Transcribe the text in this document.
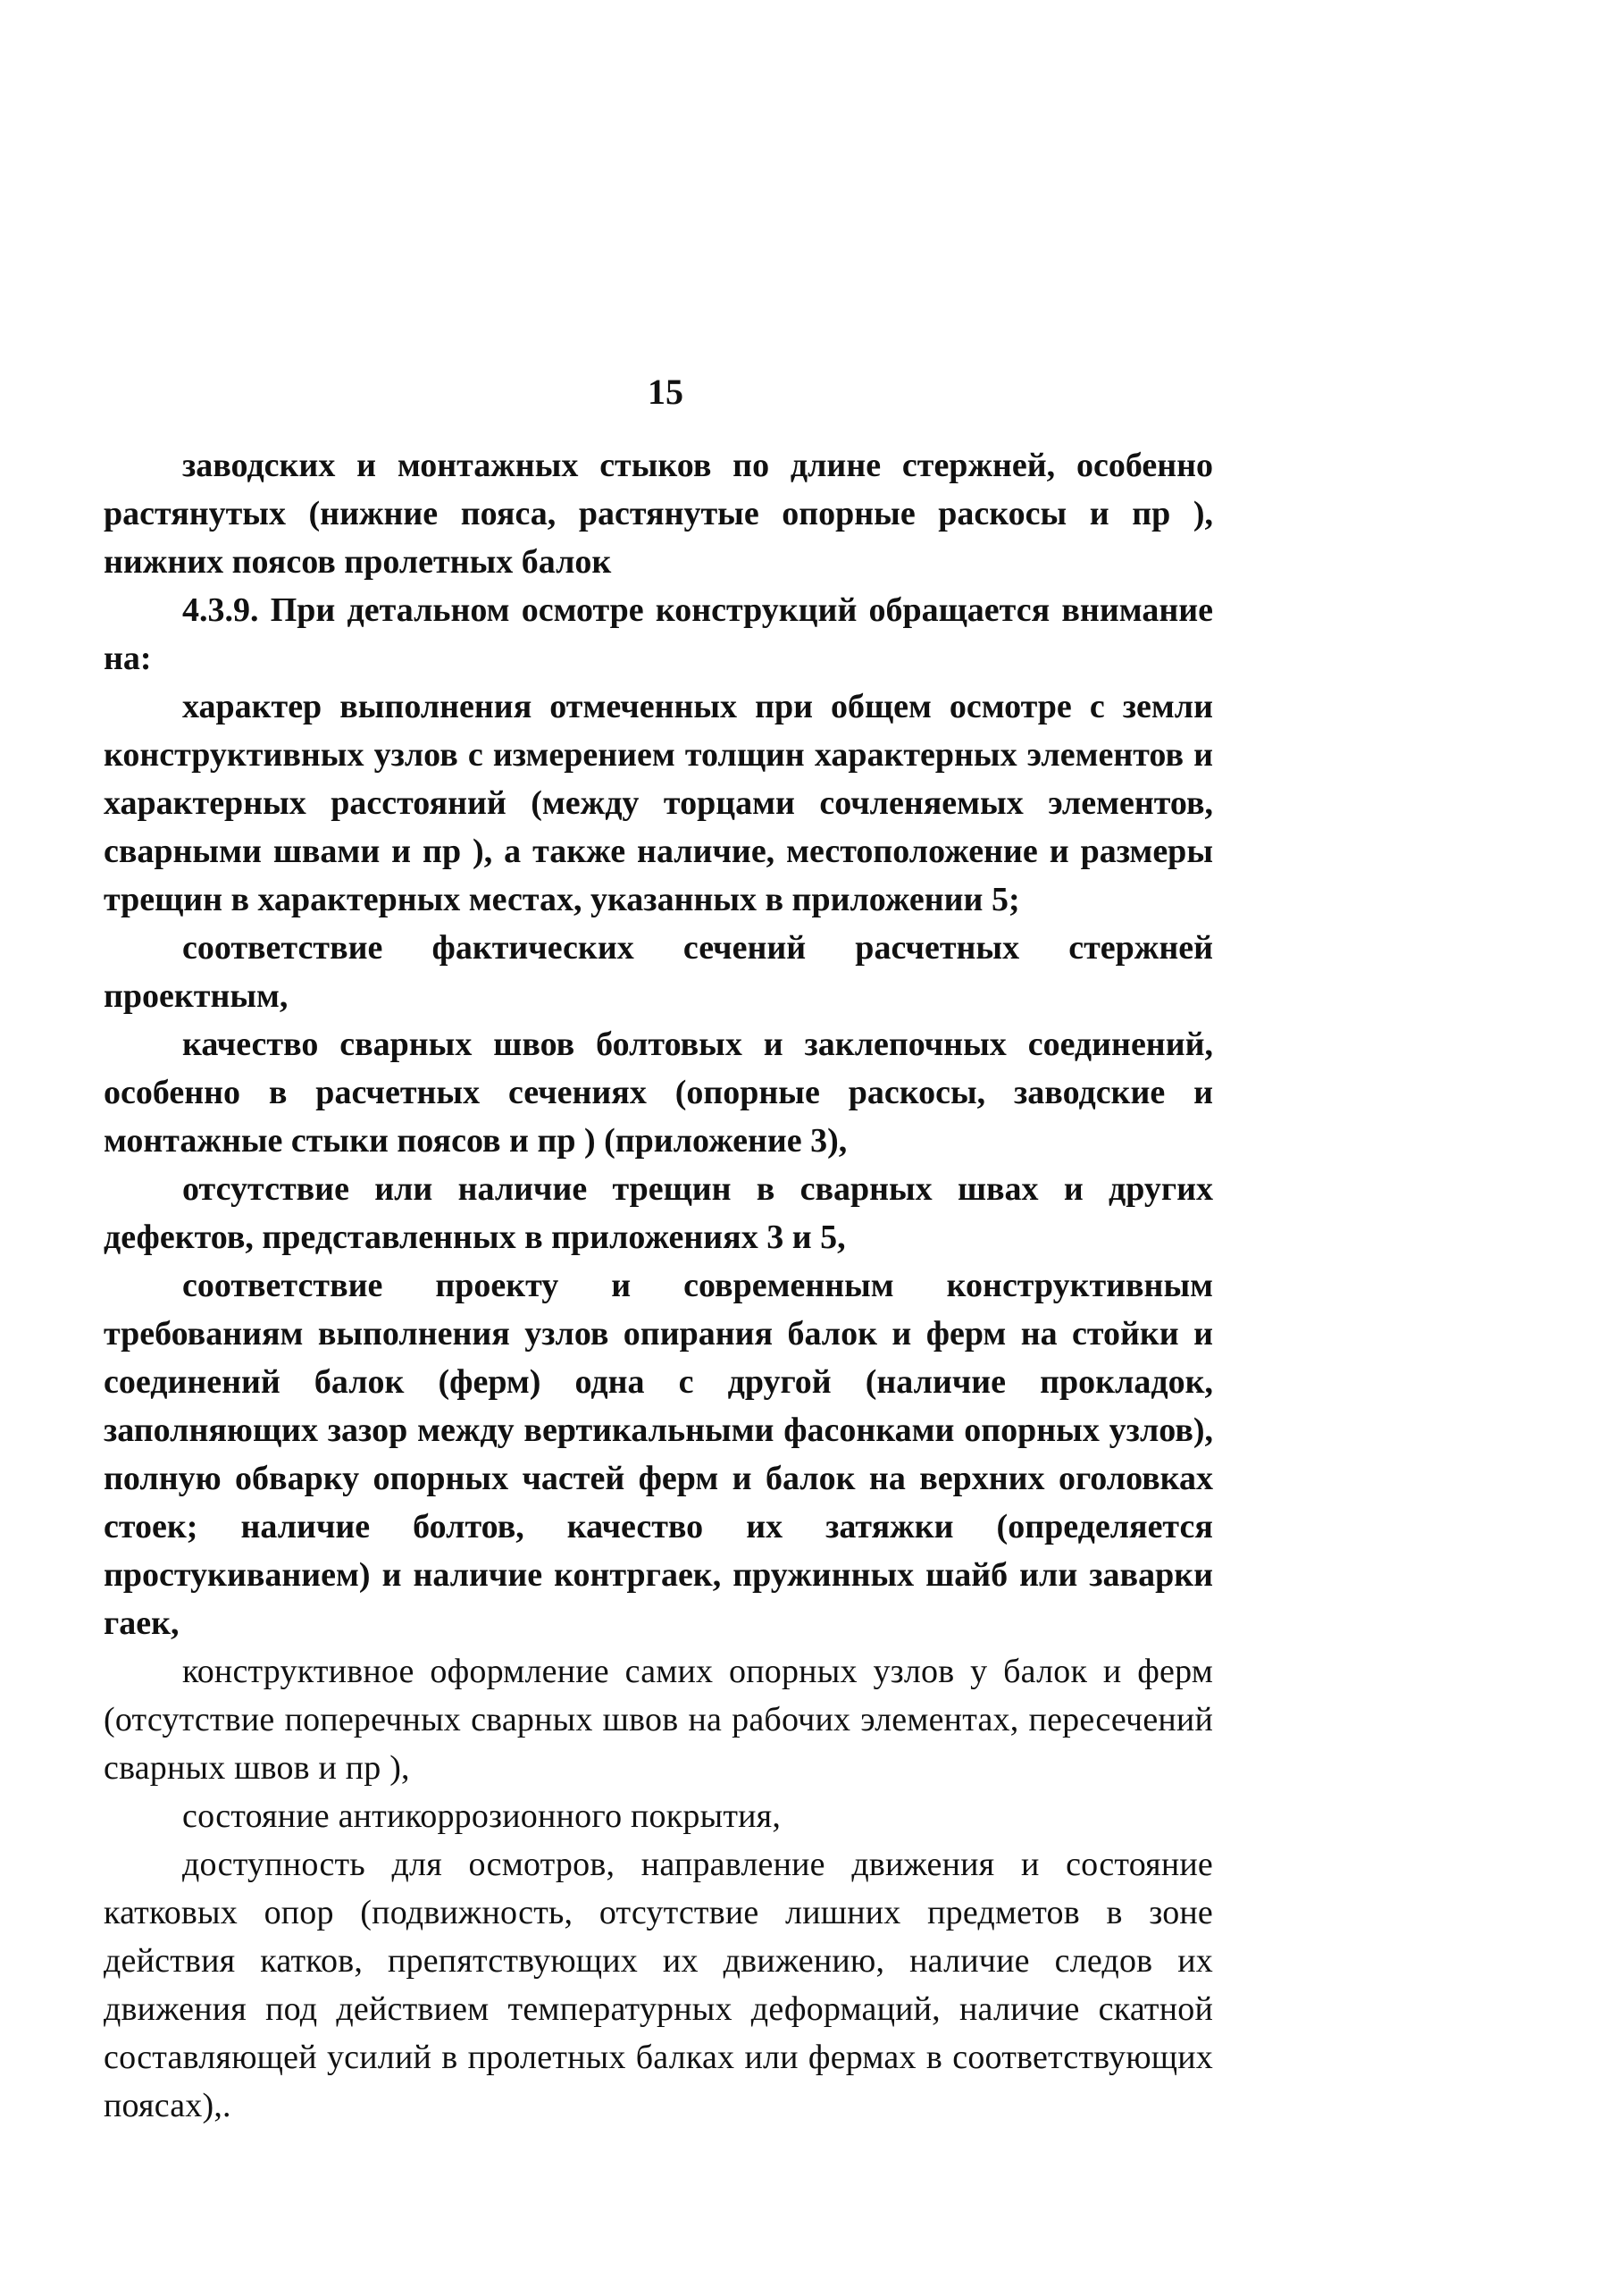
15

заводских и монтажных стыков по длине стержней, особенно растянутых (нижние пояса, растянутые опорные раскосы и пр ), нижних поясов пролетных балок

4.3.9. При детальном осмотре конструкций обращается внимание на:

характер выполнения отмеченных при общем осмотре с земли конструктивных узлов с измерением толщин характерных элементов и характерных расстояний (между торцами сочленяемых элементов, сварными швами и пр ), а также наличие, местоположение и размеры трещин в характерных местах, указанных в приложении 5;

соответствие фактических сечений расчетных стержней проектным,

качество сварных швов болтовых и заклепочных соединений, особенно в расчетных сечениях (опорные раскосы, заводские и монтажные стыки поясов и пр ) (приложение 3),

отсутствие или наличие трещин в сварных швах и других дефектов, представленных в приложениях 3 и 5,

соответствие проекту и современным конструктивным требованиям выполнения узлов опирания балок и ферм на стойки и соединений балок (ферм) одна с другой (наличие прокладок, заполняющих зазор между вертикальными фасонками опорных узлов), полную обварку опорных частей ферм и балок на верхних оголовках стоек; наличие болтов, качество их затяжки (определяется простукиванием) и наличие контргаек, пружинных шайб или заварки гаек,

конструктивное оформление самих опорных узлов у балок и ферм (отсутствие поперечных сварных швов на рабочих элементах, пересечений сварных швов и пр ),

состояние антикоррозионного покрытия,

доступность для осмотров, направление движения и состояние катковых опор (подвижность, отсутствие лишних предметов в зоне действия катков, препятствующих их движению, наличие следов их движения под действием температурных деформаций, наличие скатной составляющей усилий в пролетных балках или фермах в соответствующих поясах),.
